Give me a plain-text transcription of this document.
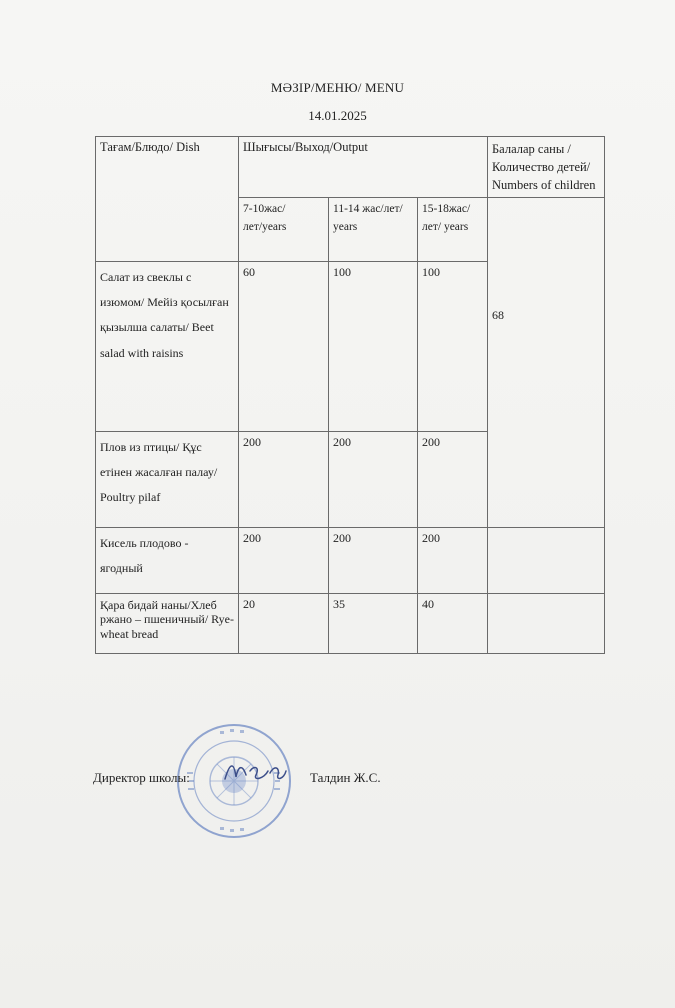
МӘЗІР/МЕНЮ/ MENU
14.01.2025
Тағам/Блюдо/ Dish	Шығысы/Выход/Output			Балалар саны /Количество детей/ Numbers of children
	7-10жас/лет/years	11-14 жас/лет/ years	15-18жас/лет/ years	68
Салат из свеклы с изюмом/ Мейіз қосылған қызылша салаты/ Beet salad with raisins	60	100	100	
Плов из птицы/ Құс етінен жасалған палау/ Poultry pilaf	200	200	200	
Кисель плодово - ягодный	200	200	200	
Қара бидай наны/Хлеб ржано – пшеничный/ Rye-wheat bread	20	35	40	
Директор школы:	Талдин Ж.С.
